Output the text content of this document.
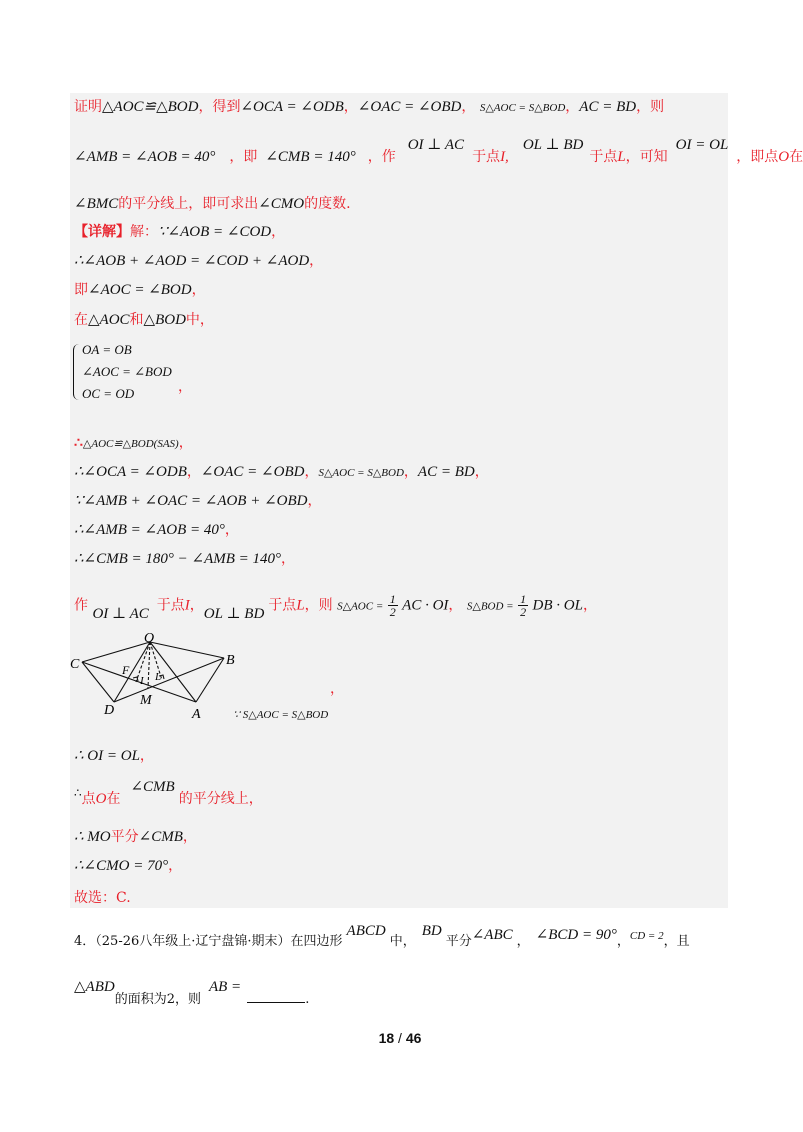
证明△AOC≌△BOD，得到∠OCA = ∠ODB，∠OAC = ∠OBD， S△AOC = S△BOD，AC = BD，则
∠AMB = ∠AOB = 40° ，即 ∠CMB = 140° ，作OI ⊥ AC于点I,OL ⊥ BD于点L，可知OI = OL，即点O在
∠BMC的平分线上，即可求出∠CMO的度数.
【详解】解：∵∠AOB = ∠COD，
∴∠AOB + ∠AOD = ∠COD + ∠AOD，
即∠AOC = ∠BOD，
在△AOC和△BOD中，
OA = OB
∠AOC = ∠BOD
OC = OD	，
∴△AOC≌△BOD(SAS)，
∴∠OCA = ∠ODB，∠OAC = ∠OBD，S△AOC = S△BOD，AC = BD，
∵∠AMB + ∠OAC = ∠AOB + ∠OBD，
∴∠AMB = ∠AOB = 40°，
∴∠CMB = 180° − ∠AMB = 140°，
作 OI ⊥ AC 于点I，OL ⊥ BD 于点L，则 S△AOC = $\frac{1}{2}$ AC · OI， S△BOD = $\frac{1}{2}$ DB · OL，
O
C	B
D
M
A
F
I L
，
∵ S△AOC = S△BOD
∴ OI = OL，
∴点O在∠CMB的平分线上，
∴ MO平分∠CMB，
∴∠CMO = 70°，
故选：C.
4．（25-26八年级上·辽宁盘锦·期末）在四边形ABCD中，BD平分∠ABC ， ∠BCD = 90°，$^{CD = 2}$，且
△ABD的面积为2，则AB =.
18 / 46
